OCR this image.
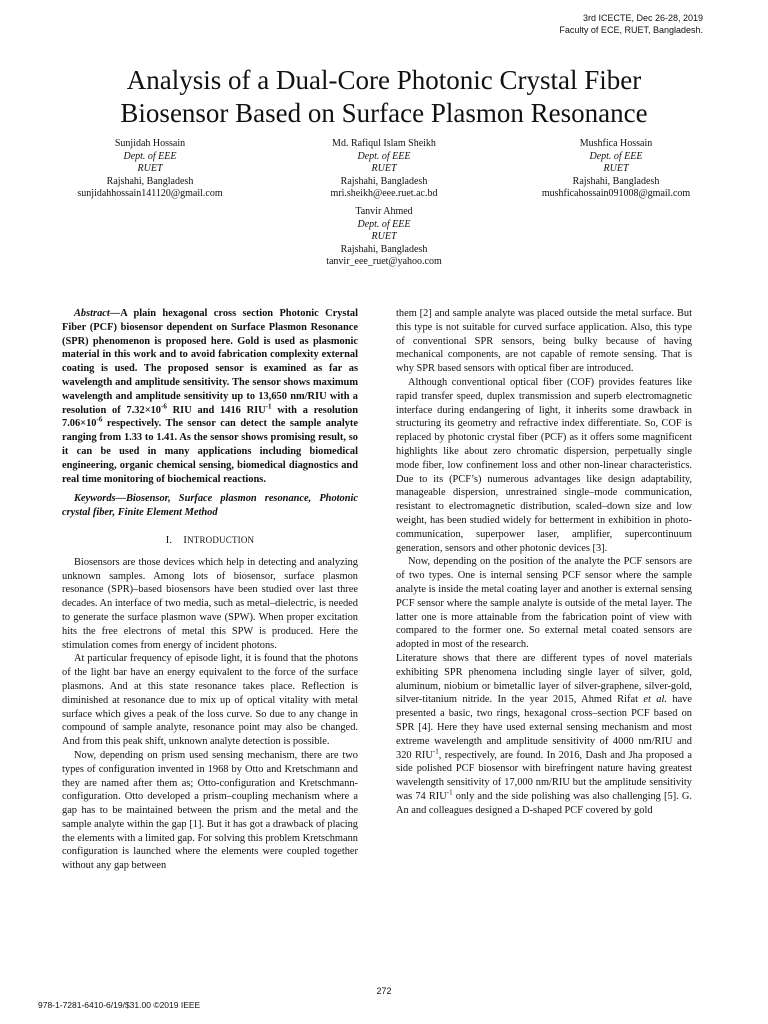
3rd ICECTE, Dec 26-28, 2019
Faculty of ECE, RUET, Bangladesh.
Analysis of a Dual-Core Photonic Crystal Fiber
Biosensor Based on Surface Plasmon Resonance
Sunjidah Hossain
Dept. of EEE
RUET
Rajshahi, Bangladesh
sunjidahhossain141120@gmail.com
Md. Rafiqul Islam Sheikh
Dept. of EEE
RUET
Rajshahi, Bangladesh
mri.sheikh@eee.ruet.ac.bd
Mushfica Hossain
Dept. of EEE
RUET
Rajshahi, Bangladesh
mushficahossain091008@gmail.com
Tanvir Ahmed
Dept. of EEE
RUET
Rajshahi, Bangladesh
tanvir_eee_ruet@yahoo.com

Abstract—A plain hexagonal cross section Photonic Crystal Fiber (PCF) biosensor dependent on Surface Plasmon Resonance (SPR) phenomenon is proposed here. Gold is used as plasmonic material in this work and to avoid fabrication complexity external coating is used. The proposed sensor is examined as far as wavelength and amplitude sensitivity. The sensor shows maximum wavelength and amplitude sensitivity up to 13,650 nm/RIU with a resolution of $7.32\times 10^{-6}$ RIU and 1416 $RIU^{-1}$ with a resolution $7.06\times 10^{-6}$ respectively. The sensor can detect the sample analyte ranging from 1.33 to 1.41. As the sensor shows promising result, so it can be used in many applications including biomedical engineering, organic chemical sensing, biomedical diagnostics and real time monitoring of biochemical reactions.

Keywords—Biosensor, Surface plasmon resonance, Photonic crystal fiber, Finite Element Method

I. INTRODUCTION

Biosensors are those devices which help in detecting and analyzing unknown samples. Among lots of biosensor, surface plasmon resonance (SPR)–based biosensors have been studied over last three decades. An interface of two media, such as metal–dielectric, is needed to generate the surface plasmon wave (SPW). When proper excitation hits the free electrons of metal this SPW is produced. Here the stimulation comes from energy of incident photons.

At particular frequency of episode light, it is found that the photons of the light bar have an energy equivalent to the force of the surface plasmons. And at this state resonance takes place. Reflection is diminished at resonance due to mix up of optical vitality with metal surface which gives a peak of the loss curve. So due to any change in compound of sample analyte, resonance point may also be changed. And from this peak shift, unknown analyte detection is possible.

Now, depending on prism used sensing mechanism, there are two types of configuration invented in 1968 by Otto and Kretschmann and they are named after them as; Otto-configuration and Kretschmann-configuration. Otto developed a prism–coupling mechanism where a gap has to be maintained between the prism and the metal and the sample analyte within the gap [1]. But it has got a drawback of placing the elements with a limited gap. For solving this problem Kretschmann configuration is launched where the elements were coupled together without any gap between

them [2] and sample analyte was placed outside the metal surface. But this type is not suitable for curved surface application. Also, this type of conventional SPR sensors, being bulky because of having mechanical components, are not capable of remote sensing. That is why SPR based sensors with optical fiber are introduced.

Although conventional optical fiber (COF) provides features like rapid transfer speed, duplex transmission and superb electromagnetic interface during endangering of light, it inherits some drawback in structuring its geometry and refractive index differentiate. So, COF is replaced by photonic crystal fiber (PCF) as it offers some magnificent highlights like about zero chromatic dispersion, perpetually single mode fiber, low confinement loss and other non-linear characteristics. Due to its (PCF’s) numerous advantages like design adaptability, manageable dispersion, unrestrained single–mode communication, resistant to electromagnetic distribution, scaled–down size and low weight, has been studied widely for betterment in exhibition in photo-communication, superpower laser, amplifier, supercontinuum generation, sensors and other photonic devices [3].

Now, depending on the position of the analyte the PCF sensors are of two types. One is internal sensing PCF sensor where the sample analyte is inside the metal coating layer and another is external sensing PCF sensor where the sample analyte is outside of the metal layer. The latter one is more attainable from the fabrication point of view with compared to the former one. So external metal coated sensors are adopted in most of the research.

Literature shows that there are different types of novel materials exhibiting SPR phenomena including single layer of silver, gold, aluminum, niobium or bimetallic layer of silver-graphene, silver-gold, silver-titanium nitride. In the year 2015, Ahmed Rifat et al. have presented a basic, two rings, hexagonal cross–section PCF based on SPR [4]. Here they have used external sensing mechanism and most extreme wavelength and amplitude sensitivity of 4000 nm/RIU and 320 $RIU^{-1}$, respectively, are found. In 2016, Dash and Jha proposed a side polished PCF biosensor with birefringent nature having greatest wavelength sensitivity of 17,000 nm/RIU but the amplitude sensitivity was 74 $RIU^{-1}$ only and the side polishing was also challenging [5]. G. An and colleagues designed a D-shaped PCF covered by gold

272
978-1-7281-6410-6/19/$31.00 ©2019 IEEE
